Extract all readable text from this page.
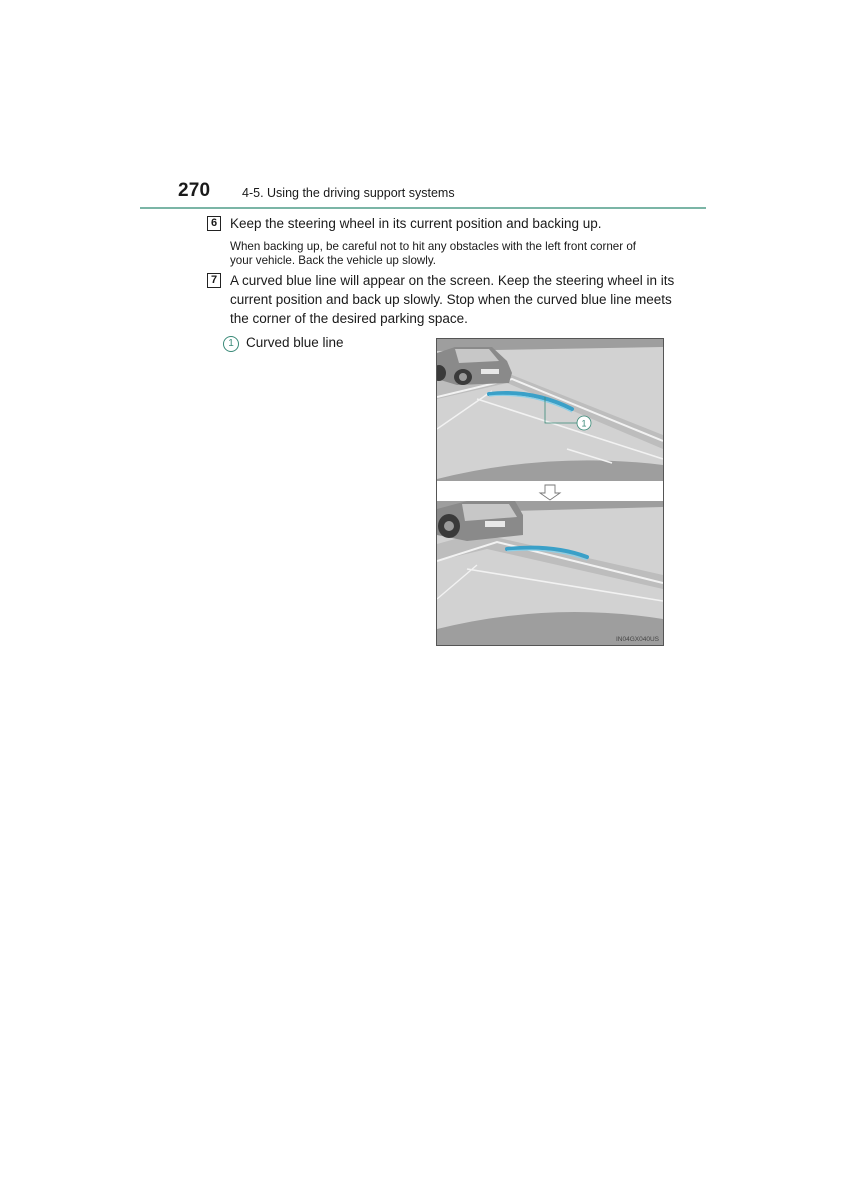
270	4-5. Using the driving support systems
6 Keep the steering wheel in its current position and backing up.
When backing up, be careful not to hit any obstacles with the left front corner of
your vehicle. Back the vehicle up slowly.
7 A curved blue line will appear on the screen. Keep the steering wheel in its
current position and back up slowly. Stop when the curved blue line meets
the corner of the desired parking space.
1 Curved blue line
1
IN04GX040US
